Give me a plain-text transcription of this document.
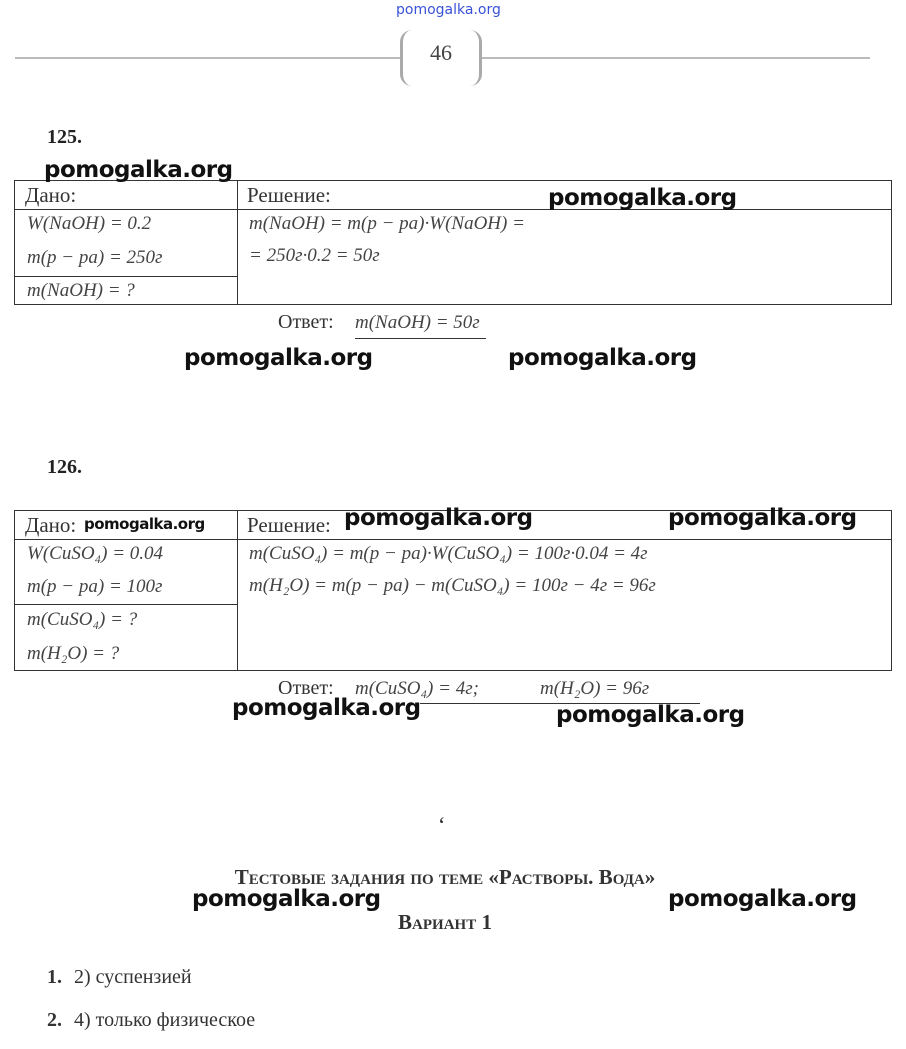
pomogalka.org
46
125.
Дано:	Решение:
W(NaOH) = 0.2
m(p − pa) = 250г
m(NaOH) = ?
m(NaOH) = m(p − pa)·W(NaOH) =
= 250г·0.2 = 50г
Ответ: m(NaOH) = 50г
126.
Дано:	Решение:
W(CuSO₄) = 0.04
m(p − pa) = 100г
m(CuSO₄) = ?
m(H₂O) = ?
m(CuSO₄) = m(p − pa)·W(CuSO₄) = 100г·0.04 = 4г
m(H₂O) = m(p − pa) − m(CuSO₄) = 100г − 4г = 96г
Ответ: m(CuSO₄) = 4г;	m(H₂O) = 96г
‘
Тестовые задания по теме «Растворы. Вода»
Вариант 1
1. 2) суспензией
2. 4) только физическое
pomogalka.org
pomogalka.org
pomogalka.org	pomogalka.org
pomogalka.org	pomogalka.org	pomogalka.org
pomogalka.org	pomogalka.org
pomogalka.org	pomogalka.org
